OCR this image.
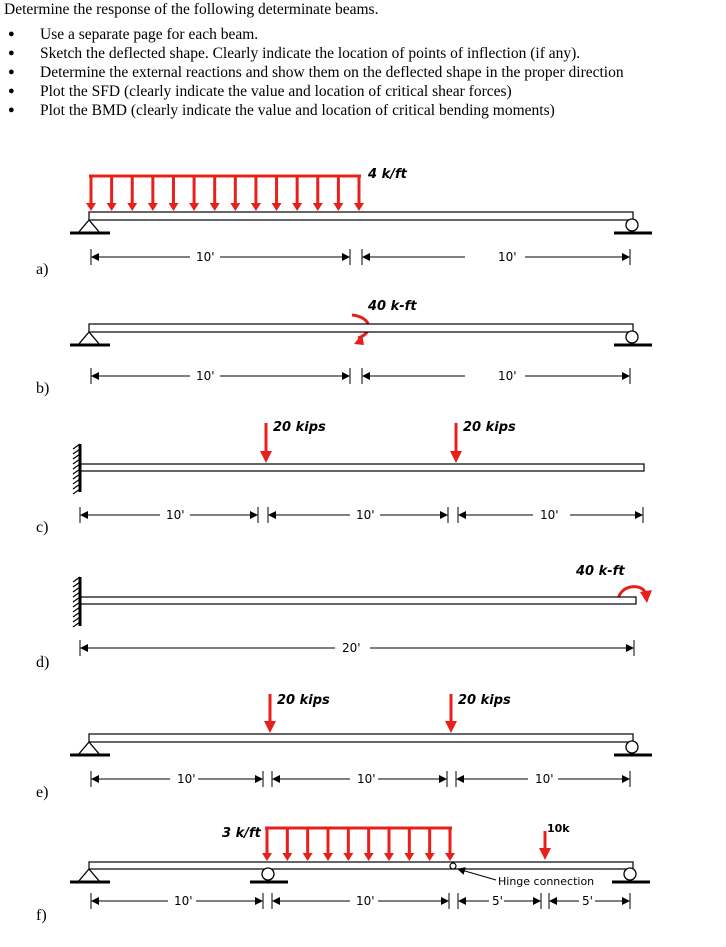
Determine the response of the following determinate beams.
● Use a separate page for each beam.
● Sketch the deflected shape. Clearly indicate the location of points of inflection (if any).
● Determine the external reactions and show them on the deflected shape in the proper direction
● Plot the SFD (clearly indicate the value and location of critical shear forces)
● Plot the BMD (clearly indicate the value and location of critical bending moments)
4 k/ft
10'	10'
a)
40 k-ft
10'	10'
b)
20 kips	20 kips
10'	10'	10'
c)
40 k-ft
20'
d)
20 kips	20 kips
10'	10'	10'
e)
3 k/ft	10k
Hinge connection
10'	10'	5'	5'
f)
